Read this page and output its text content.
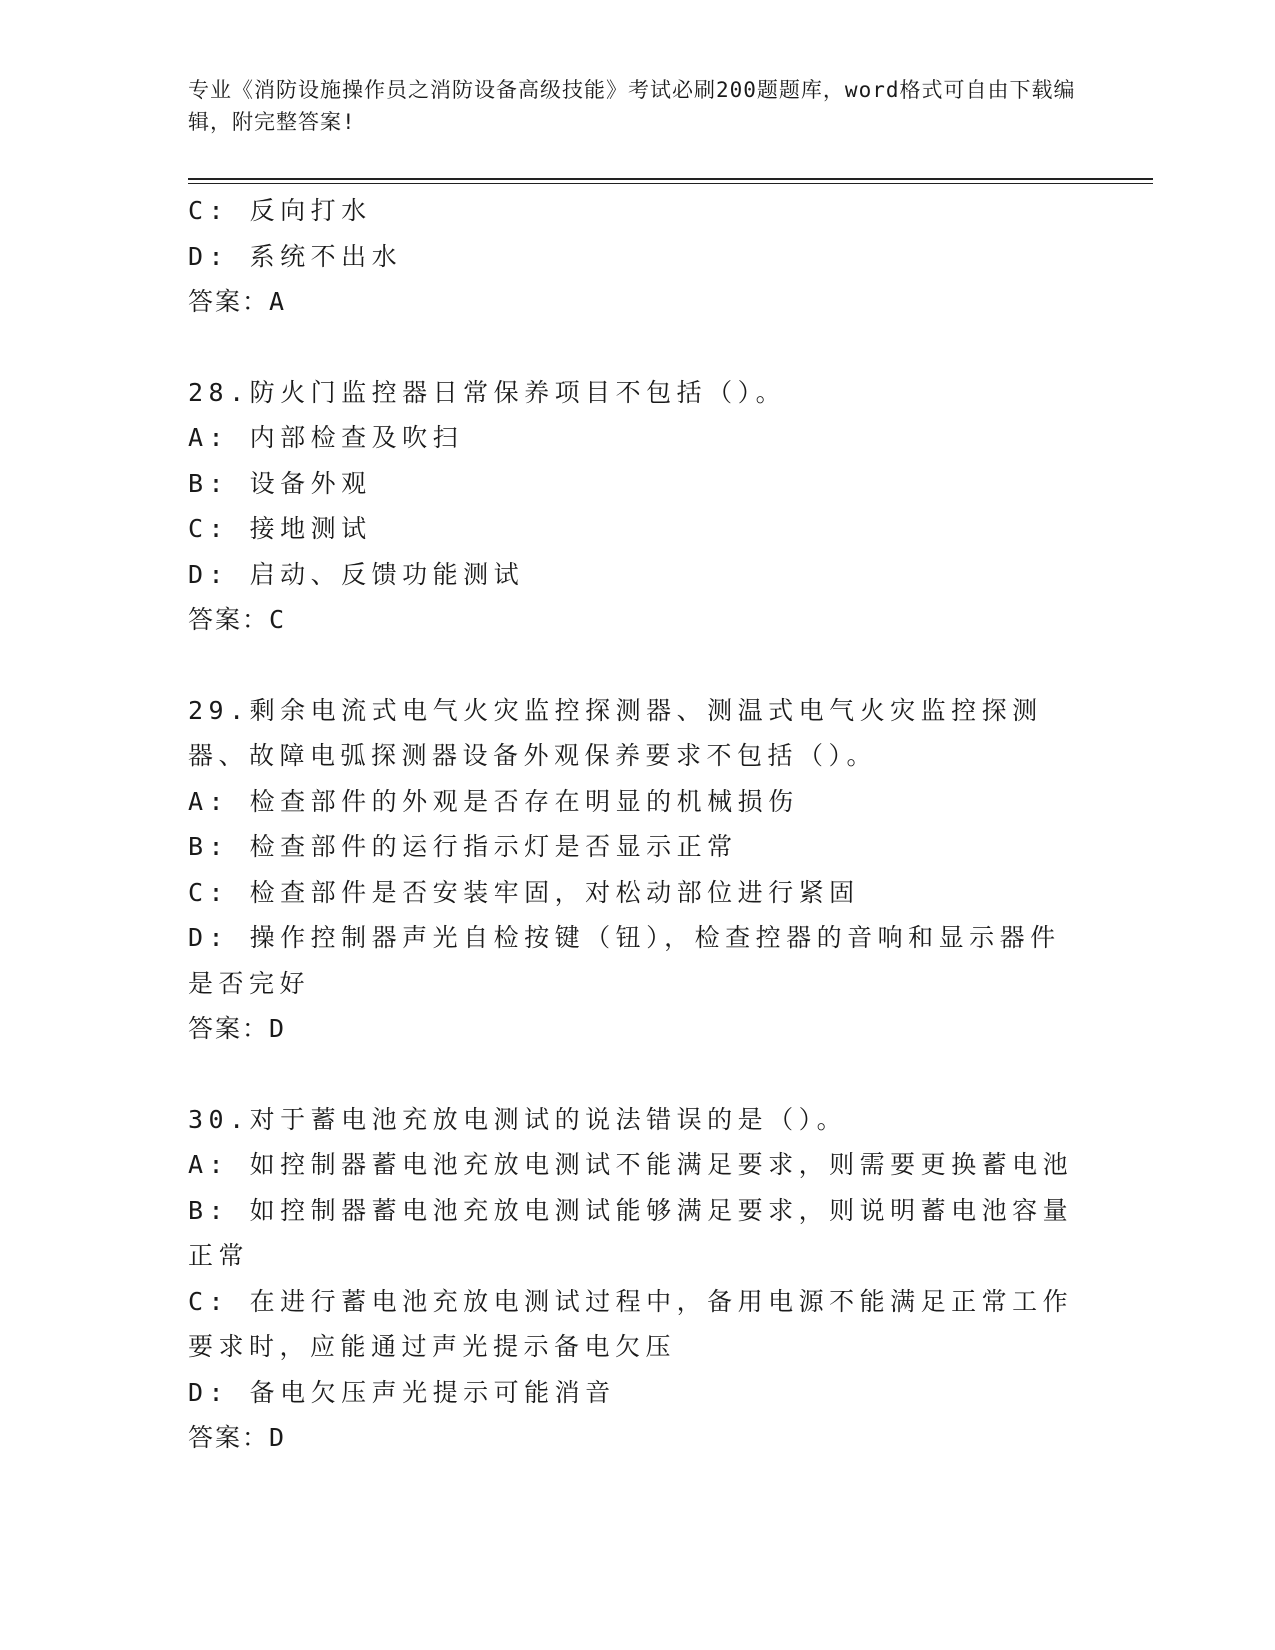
专业《消防设施操作员之消防设备高级技能》考试必刷200题题库，word格式可自由下载编辑，附完整答案!
C: 反向打水
D: 系统不出水
答案：A
28.防火门监控器日常保养项目不包括（）。
A: 内部检查及吹扫
B: 设备外观
C: 接地测试
D: 启动、反馈功能测试
答案：C
29.剩余电流式电气火灾监控探测器、测温式电气火灾监控探测器、故障电弧探测器设备外观保养要求不包括（）。
A: 检查部件的外观是否存在明显的机械损伤
B: 检查部件的运行指示灯是否显示正常
C: 检查部件是否安装牢固，对松动部位进行紧固
D: 操作控制器声光自检按键（钮），检查控器的音响和显示器件是否完好
答案：D
30.对于蓄电池充放电测试的说法错误的是（）。
A: 如控制器蓄电池充放电测试不能满足要求，则需要更换蓄电池
B: 如控制器蓄电池充放电测试能够满足要求，则说明蓄电池容量正常
C: 在进行蓄电池充放电测试过程中，备用电源不能满足正常工作要求时，应能通过声光提示备电欠压
D: 备电欠压声光提示可能消音
答案：D
